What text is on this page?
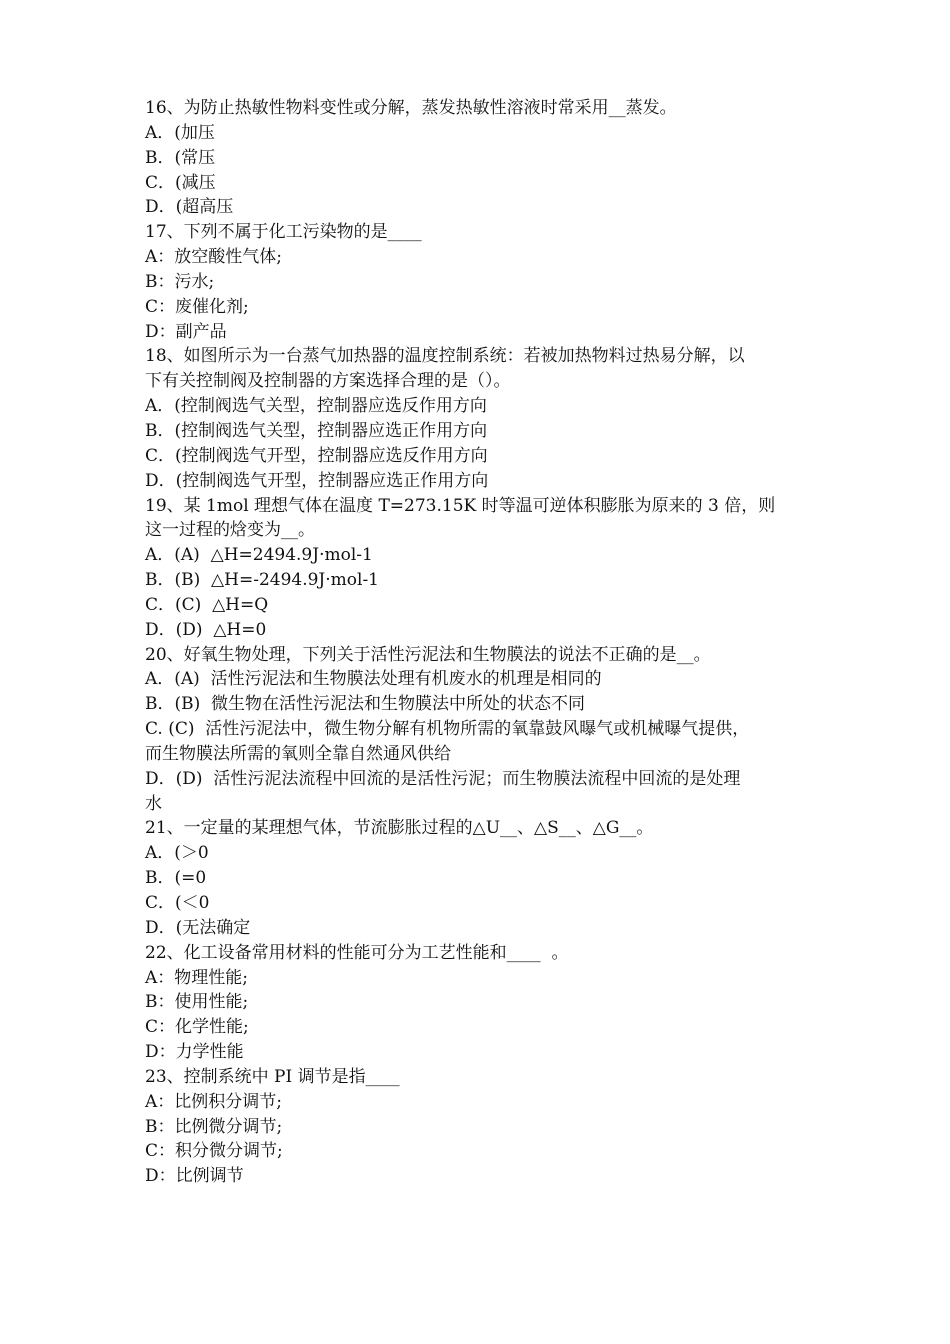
16、为防止热敏性物料变性或分解，蒸发热敏性溶液时常采用__蒸发。
A．(加压
B．(常压
C．(减压
D．(超高压
17、下列不属于化工污染物的是____
A：放空酸性气体;
B：污水;
C：废催化剂;
D：副产品
18、如图所示为一台蒸气加热器的温度控制系统：若被加热物料过热易分解，以
下有关控制阀及控制器的方案选择合理的是（）。
A．(控制阀选气关型，控制器应选反作用方向
B．(控制阀选气关型，控制器应选正作用方向
C．(控制阀选气开型，控制器应选反作用方向
D．(控制阀选气开型，控制器应选正作用方向
19、某 1mol 理想气体在温度 T=273.15K 时等温可逆体积膨胀为原来的 3 倍，则
这一过程的焓变为__。
A．(A)  △H=2494.9J·mol-1
B．(B)  △H=-2494.9J·mol-1
C．(C)  △H=Q
D．(D)  △H=0
20、好氧生物处理，下列关于活性污泥法和生物膜法的说法不正确的是__。
A．(A)  活性污泥法和生物膜法处理有机废水的机理是相同的
B．(B)  微生物在活性污泥法和生物膜法中所处的状态不同
C. (C)  活性污泥法中，微生物分解有机物所需的氧靠鼓风曝气或机械曝气提供，
而生物膜法所需的氧则全靠自然通风供给
D．(D)  活性污泥法流程中回流的是活性污泥；而生物膜法流程中回流的是处理
水
21、一定量的某理想气体，节流膨胀过程的△U__、△S__、△G__。
A．(＞0
B．(=0
C．(＜0
D．(无法确定
22、化工设备常用材料的性能可分为工艺性能和____  。
A：物理性能;
B：使用性能;
C：化学性能;
D：力学性能
23、控制系统中 PI 调节是指____
A：比例积分调节;
B：比例微分调节;
C：积分微分调节;
D：比例调节
